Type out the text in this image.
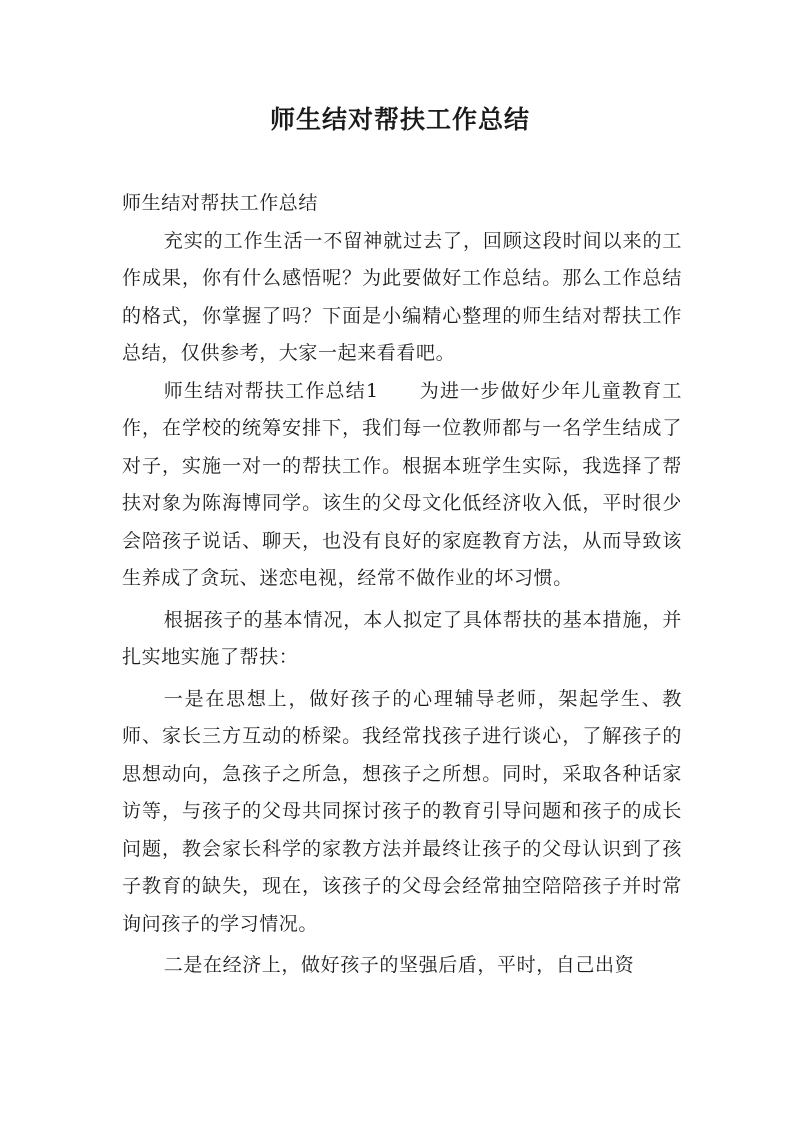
师生结对帮扶工作总结

师生结对帮扶工作总结

充实的工作生活一不留神就过去了，回顾这段时间以来的工作成果，你有什么感悟呢？为此要做好工作总结。那么工作总结的格式，你掌握了吗？下面是小编精心整理的师生结对帮扶工作总结，仅供参考，大家一起来看看吧。

师生结对帮扶工作总结1　　为进一步做好少年儿童教育工作，在学校的统筹安排下，我们每一位教师都与一名学生结成了对子，实施一对一的帮扶工作。根据本班学生实际，我选择了帮扶对象为陈海博同学。该生的父母文化低经济收入低，平时很少会陪孩子说话、聊天，也没有良好的家庭教育方法，从而导致该生养成了贪玩、迷恋电视，经常不做作业的坏习惯。

根据孩子的基本情况，本人拟定了具体帮扶的基本措施，并扎实地实施了帮扶：

一是在思想上，做好孩子的心理辅导老师，架起学生、教师、家长三方互动的桥梁。我经常找孩子进行谈心，了解孩子的思想动向，急孩子之所急，想孩子之所想。同时，采取各种话家访等，与孩子的父母共同探讨孩子的教育引导问题和孩子的成长问题，教会家长科学的家教方法并最终让孩子的父母认识到了孩子教育的缺失，现在，该孩子的父母会经常抽空陪陪孩子并时常询问孩子的学习情况。

二是在经济上，做好孩子的坚强后盾，平时，自己出资
